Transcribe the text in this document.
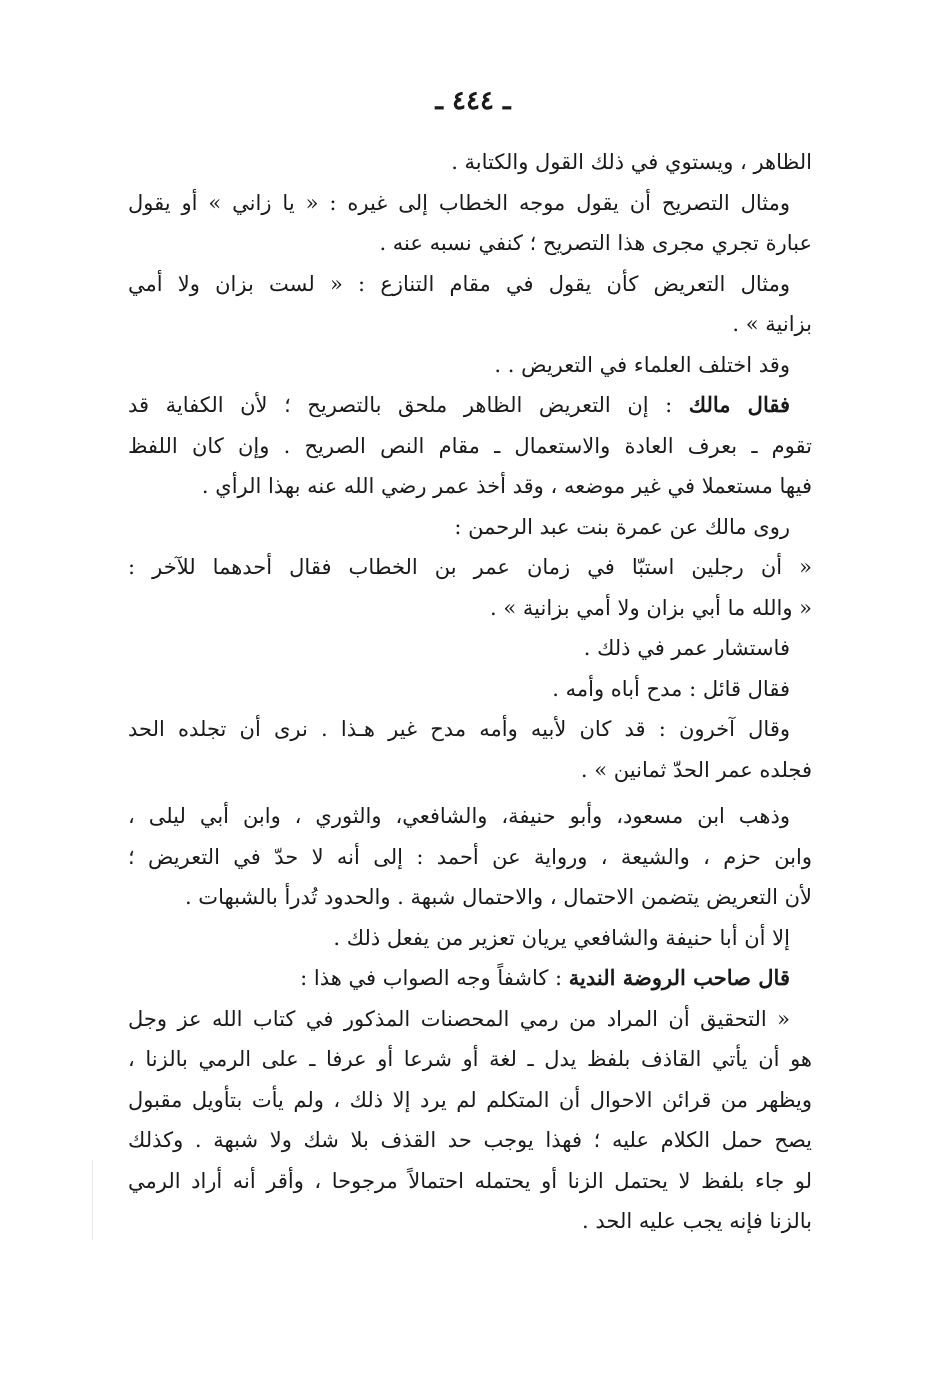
ـ ٤٤٤ ـ
الظاهر ، ويستوي في ذلك القول والكتابة .
ومثال التصريح أن يقول موجه الخطاب إلى غيره : « يا زاني » أو يقول
عبارة تجري مجرى هذا التصريح ؛ كنفي نسبه عنه .
ومثال التعريض كأن يقول في مقام التنازع : « لست بزان ولا أمي
بزانية » .
وقد اختلف العلماء في التعريض . .
فقال مالك : إن التعريض الظاهر ملحق بالتصريح ؛ لأن الكفاية قد
تقوم ـ بعرف العادة والاستعمال ـ مقام النص الصريح . وإن كان اللفظ
فيها مستعملا في غير موضعه ، وقد أخذ عمر رضي الله عنه بهذا الرأي .
روى مالك عن عمرة بنت عبد الرحمن :
« أن رجلين استبّا في زمان عمر بن الخطاب فقال أحدهما للآخر :
« والله ما أبي بزان ولا أمي بزانية » .
فاستشار عمر في ذلك .
فقال قائل : مدح أباه وأمه .
وقال آخرون : قد كان لأبيه وأمه مدح غير هـذا . نرى أن تجلده الحد
فجلده عمر الحدّ ثمانين » .
وذهب ابن مسعود، وأبو حنيفة، والشافعي، والثوري ، وابن أبي ليلى ،
وابن حزم ، والشيعة ، ورواية عن أحمد : إلى أنه لا حدّ في التعريض ؛
لأن التعريض يتضمن الاحتمال ، والاحتمال شبهة . والحدود تُدرأ بالشبهات .
إلا أن أبا حنيفة والشافعي يريان تعزير من يفعل ذلك .
قال صاحب الروضة الندية : كاشفاً وجه الصواب في هذا :
« التحقيق أن المراد من رمي المحصنات المذكور في كتاب الله عز وجل
هو أن يأتي القاذف بلفظ يدل ـ لغة أو شرعا أو عرفا ـ على الرمي بالزنا ،
ويظهر من قرائن الاحوال أن المتكلم لم يرد إلا ذلك ، ولم يأت بتأويل مقبول
يصح حمل الكلام عليه ؛ فهذا يوجب حد القذف بلا شك ولا شبهة . وكذلك
لو جاء بلفظ لا يحتمل الزنا أو يحتمله احتمالاً مرجوحا ، وأقر أنه أراد الرمي
بالزنا فإنه يجب عليه الحد .
